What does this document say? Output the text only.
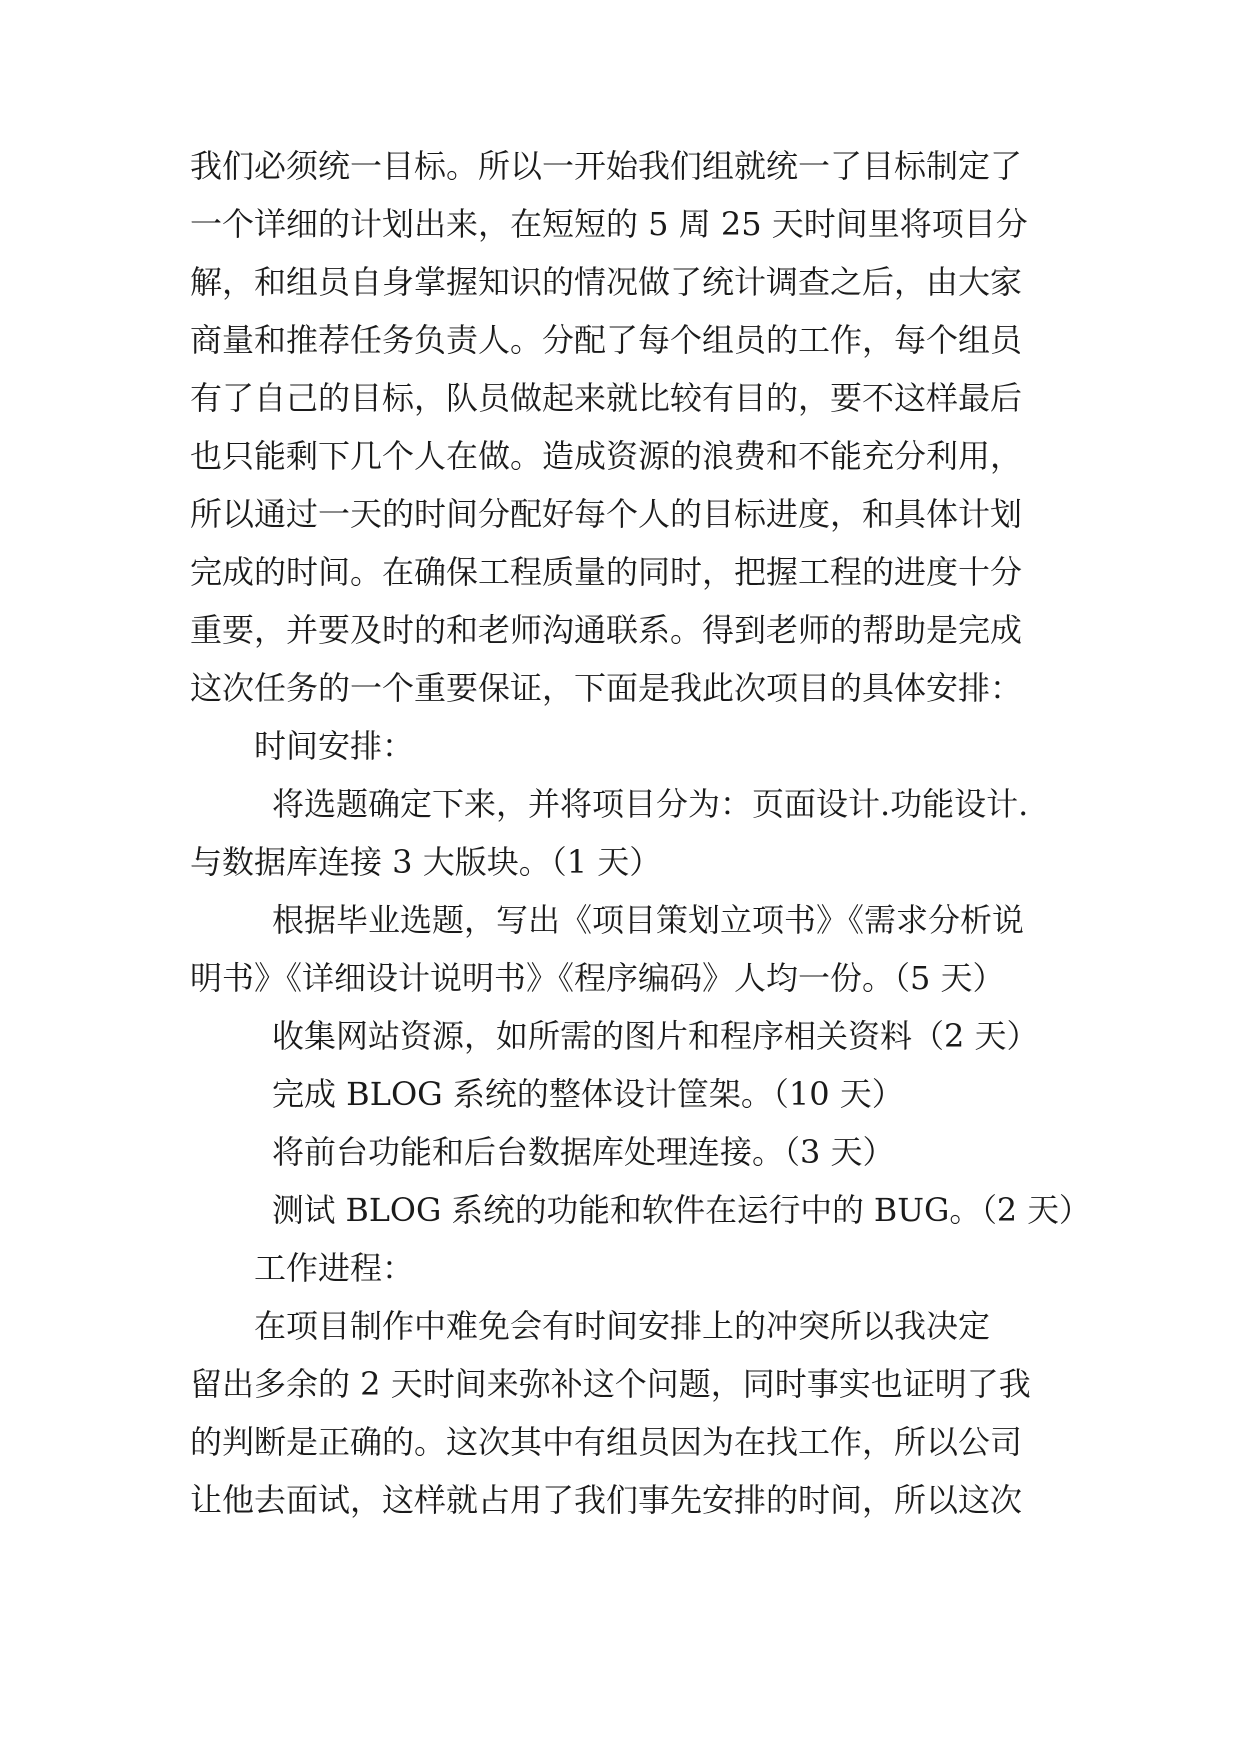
我们必须统一目标。所以一开始我们组就统一了目标制定了
一个详细的计划出来，在短短的 5 周 25 天时间里将项目分
解，和组员自身掌握知识的情况做了统计调查之后，由大家
商量和推荐任务负责人。分配了每个组员的工作，每个组员
有了自己的目标，队员做起来就比较有目的，要不这样最后
也只能剩下几个人在做。造成资源的浪费和不能充分利用，
所以通过一天的时间分配好每个人的目标进度，和具体计划
完成的时间。在确保工程质量的同时，把握工程的进度十分
重要，并要及时的和老师沟通联系。得到老师的帮助是完成
这次任务的一个重要保证，下面是我此次项目的具体安排：
时间安排：
将选题确定下来，并将项目分为：页面设计.功能设计.
与数据库连接 3 大版块。（1 天）
根据毕业选题，写出《项目策划立项书》《需求分析说
明书》《详细设计说明书》《程序编码》人均一份。（5 天）
收集网站资源，如所需的图片和程序相关资料（2 天）
完成 BLOG 系统的整体设计筐架。（10 天）
将前台功能和后台数据库处理连接。（3 天）
测试 BLOG 系统的功能和软件在运行中的 BUG。（2 天）
工作进程：
在项目制作中难免会有时间安排上的冲突所以我决定
留出多余的 2 天时间来弥补这个问题，同时事实也证明了我
的判断是正确的。这次其中有组员因为在找工作，所以公司
让他去面试，这样就占用了我们事先安排的时间，所以这次
